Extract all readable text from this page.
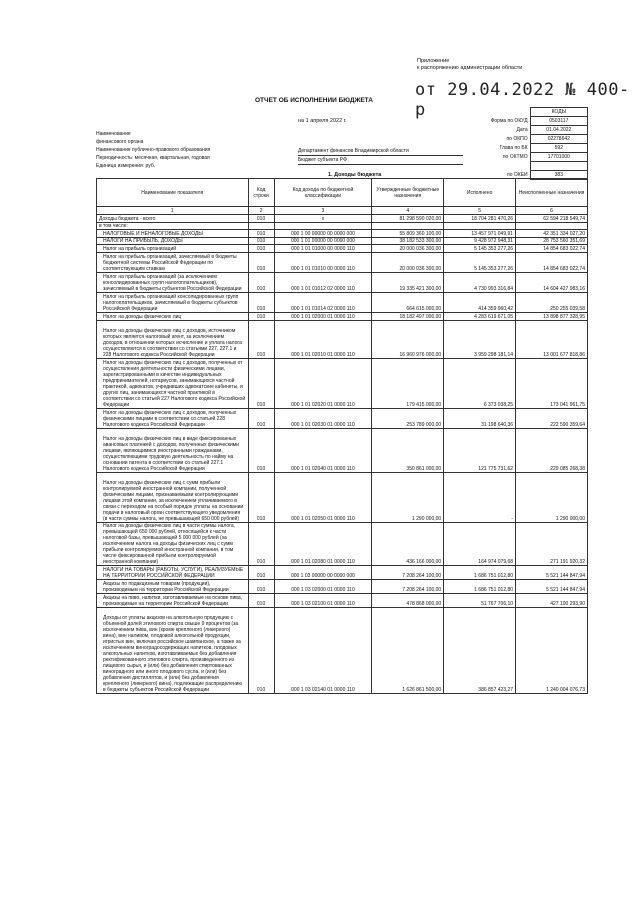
Приложение
к распоряжению администрации области
от 29.04.2022 № 400-р
ОТЧЕТ ОБ ИСПОЛНЕНИИ БЮДЖЕТА
на 1 апреля 2022 г.
	КОДЫ
Форма по ОКУД	0503117
Дата	01.04.2022
по ОКПО	02278642
Глава по БК	592
по ОКТМО	17701000

по ОКЕИ	383
Наименование
финансового органа
Наименование публично-правового образования
Периодичность: месячная, квартальная, годовая
Единица измерения: руб.
Департамент финансов Владимирской области
Бюджет субъекта РФ
1. Доходы бюджета
Наименование показателя	Код строки	Код дохода по бюджетной классификации	Утвержденные бюджетные назначения	Исполнено	Неисполненные назначения
1	2	3	4	5	6
Доходы бюджета - всего	010	х	81 298 590 020,00	18 704 281 470,26	62 594 218 549,74
в том числе:					
НАЛОГОВЫЕ И НЕНАЛОГОВЫЕ ДОХОДЫ	010	000 1 00 00000 00 0000 000	55 809 360 100,00	13 457 971 049,91	42 351 334 027,20
НАЛОГИ НА ПРИБЫЛЬ, ДОХОДЫ	010	000 1 01 00000 00 0000 000	38 182 533 300,00	9 428 972 948,31	28 753 560 351,69
Налог на прибыль организаций	010	000 1 01 01000 00 0000 110	20 000 036 300,00	5 145 353 277,26	14 854 683 022,74
Налог на прибыль организаций, зачисляемый в бюджеты бюджетной системы Российской Федерации по соответствующим ставкам	010	000 1 01 01010 00 0000 110	20 000 036 300,00	5 145 353 277,26	14 854 683 022,74
Налог на прибыль организаций (за исключением консолидированных групп налогоплательщиков), зачисляемый в бюджеты субъектов Российской Федерации	010	000 1 01 01012 02 0000 110	19 335 421 300,00	4 730 993 316,84	14 604 427 983,16
Налог на прибыль организаций консолидированных групп налогоплательщиков, зачисляемый в бюджеты субъектов Российской Федерации	010	000 1 01 01014 02 0000 110	664 615 000,00	414 359 960,42	250 255 039,58
Налог на доходы физических лиц	010	000 1 01 02000 01 0000 110	18 182 497 000,00	4 283 619 671,05	13 898 877 328,95
Налог на доходы физических лиц с доходов, источником которых является налоговый агент, за исключением доходов, в отношении которых исчисление и уплата налога осуществляются в соответствии со статьями 227, 227.1 и 228 Налогового кодекса Российской Федерации	010	000 1 01 02010 01 0000 110	16 960 976 000,00	3 959 298 181,14	13 001 677 818,86
Налог на доходы физических лиц с доходов, полученных от осуществления деятельности физическими лицами, зарегистрированными в качестве индивидуальных предпринимателей, нотариусов, занимающихся частной практикой, адвокатов, учредивших адвокатские кабинеты, и других лиц, занимающихся частной практикой в соответствии со статьей 227 Налогового кодекса Российской Федерации	010	000 1 01 02020 01 0000 110	179 415 000,00	6 373 038,25	173 041 961,75
Налог на доходы физических лиц с доходов, полученных физическими лицами в соответствии со статьей 228 Налогового кодекса Российской Федерации	010	000 1 01 02030 01 0000 110	253 789 000,00	31 198 640,36	222 590 359,64
Налог на доходы физических лиц в виде фиксированных авансовых платежей с доходов, полученных физическими лицами, являющимися иностранными гражданами, осуществляющими трудовую деятельность по найму на основании патента в соответствии со статьей 227.1 Налогового кодекса Российской Федерации	010	000 1 01 02040 01 0000 110	350 861 000,00	121 775 731,62	229 085 268,38
Налог на доходы физических лиц с сумм прибыли контролируемой иностранной компании, полученной физическими лицами, признаваемыми контролирующими лицами этой компании, за исключением уплачиваемого в связи с переходом на особый порядок уплаты на основании подачи в налоговый орган соответствующего уведомления (в части суммы налога, не превышающей 650 000 рублей)	010	000 1 01 02050 01 0000 110	1 290 000,00	-	1 290 000,00
Налог на доходы физических лиц в части суммы налога, превышающей 650 000 рублей, относящейся к части налоговой базы, превышающей 5 000 000 рублей (за исключением налога на доходы физических лиц с сумм прибыли контролируемой иностранной компании, в том числе фиксированной прибыли контролируемой иностранной компании)	010	000 1 01 02080 01 0000 110	436 166 000,00	164 974 079,68	271 191 920,32
НАЛОГИ НА ТОВАРЫ (РАБОТЫ, УСЛУГИ), РЕАЛИЗУЕМЫЕ НА ТЕРРИТОРИИ РОССИЙСКОЙ ФЕДЕРАЦИИ	010	000 1 03 00000 00 0000 000	7 208 264 100,00	1 686 751 012,80	5 521 144 847,94
Акцизы по подакцизным товарам (продукции), производимым на территории Российской Федерации	010	000 1 03 02000 01 0000 110	7 208 264 100,00	1 686 751 012,80	5 521 144 847,94
Акцизы на пиво, напитки, изготавливаемые на основе пива, производимые на территории Российской Федерации	010	000 1 03 02100 01 0000 110	478 868 000,00	51 767 706,10	427 100 293,90
Доходы от уплаты акцизов на алкогольную продукцию с объемной долей этилового спирта свыше 9 процентов (за исключением пива, вин (кроме крепленого (ликерного) вина), вин наливом, плодовой алкогольной продукции, игристых вин, включая российское шампанское, а также за исключением виноградосодержащих напитков, плодовых алкогольных напитков, изготавливаемых без добавления ректификованного этилового спирта, произведенного из пищевого сырья, и (или) без добавления спиртованных виноградного или иного плодового сусла, и (или) без добавления дистиллятов, и (или) без добавления крепленого (ликерного) вина), подлежащие распределению в бюджеты субъектов Российской Федерации	010	000 1 03 02140 01 0000 110	1 626 861 500,00	386 857 423,27	1 240 004 076,73
